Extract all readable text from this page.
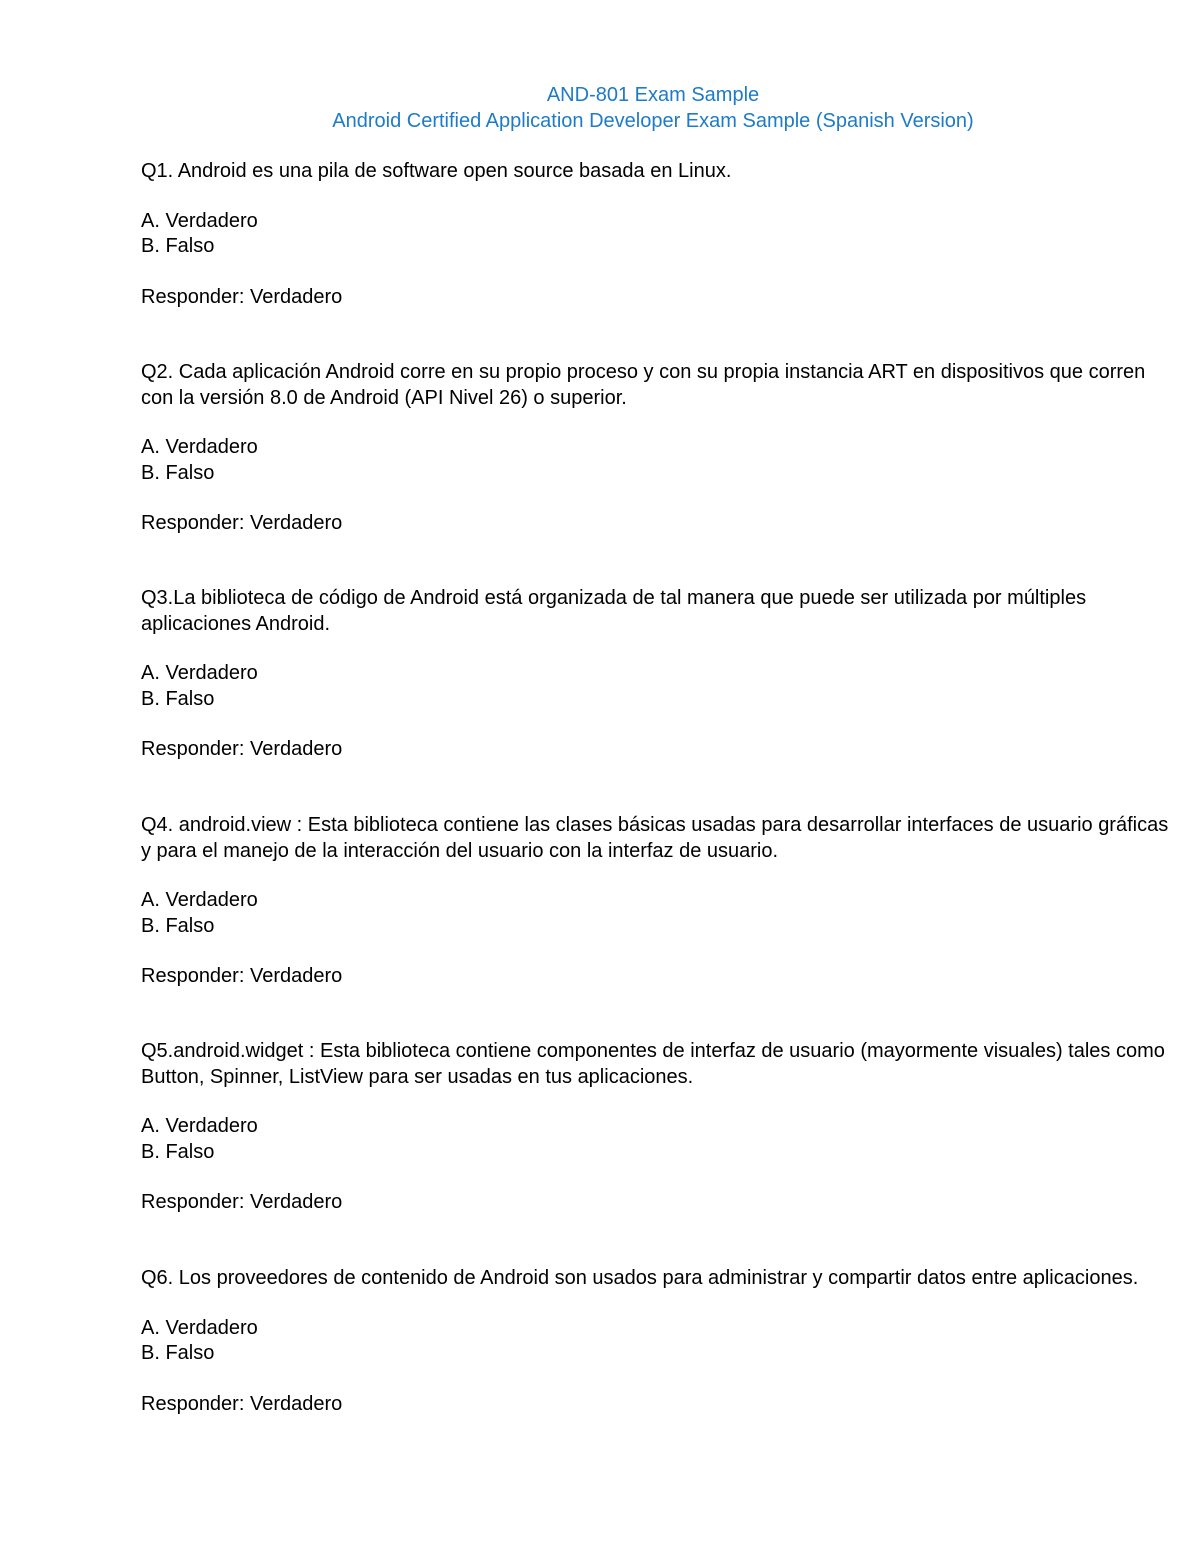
AND-801 Exam Sample
Android Certified Application Developer Exam Sample (Spanish Version)

Q1. Android es una pila de software open source basada en Linux.

A. Verdadero
B. Falso
Responder: Verdadero

Q2. Cada aplicación Android corre en su propio proceso y con su propia instancia ART en dispositivos que corren con la versión 8.0 de Android (API Nivel 26) o superior.

A. Verdadero
B. Falso
Responder: Verdadero

Q3.La biblioteca de código de Android está organizada de tal manera que puede ser utilizada por múltiples aplicaciones Android.

A. Verdadero
B. Falso
Responder: Verdadero

Q4. android.view : Esta biblioteca contiene las clases básicas usadas para desarrollar interfaces de usuario gráficas y para el manejo de la interacción del usuario con la interfaz de usuario.

A. Verdadero
B. Falso
Responder: Verdadero

Q5.android.widget : Esta biblioteca contiene componentes de interfaz de usuario (mayormente visuales) tales como Button, Spinner, ListView para ser usadas en tus aplicaciones.

A. Verdadero
B. Falso
Responder: Verdadero

Q6. Los proveedores de contenido de Android son usados para administrar y compartir datos entre aplicaciones.

A. Verdadero
B. Falso
Responder: Verdadero
